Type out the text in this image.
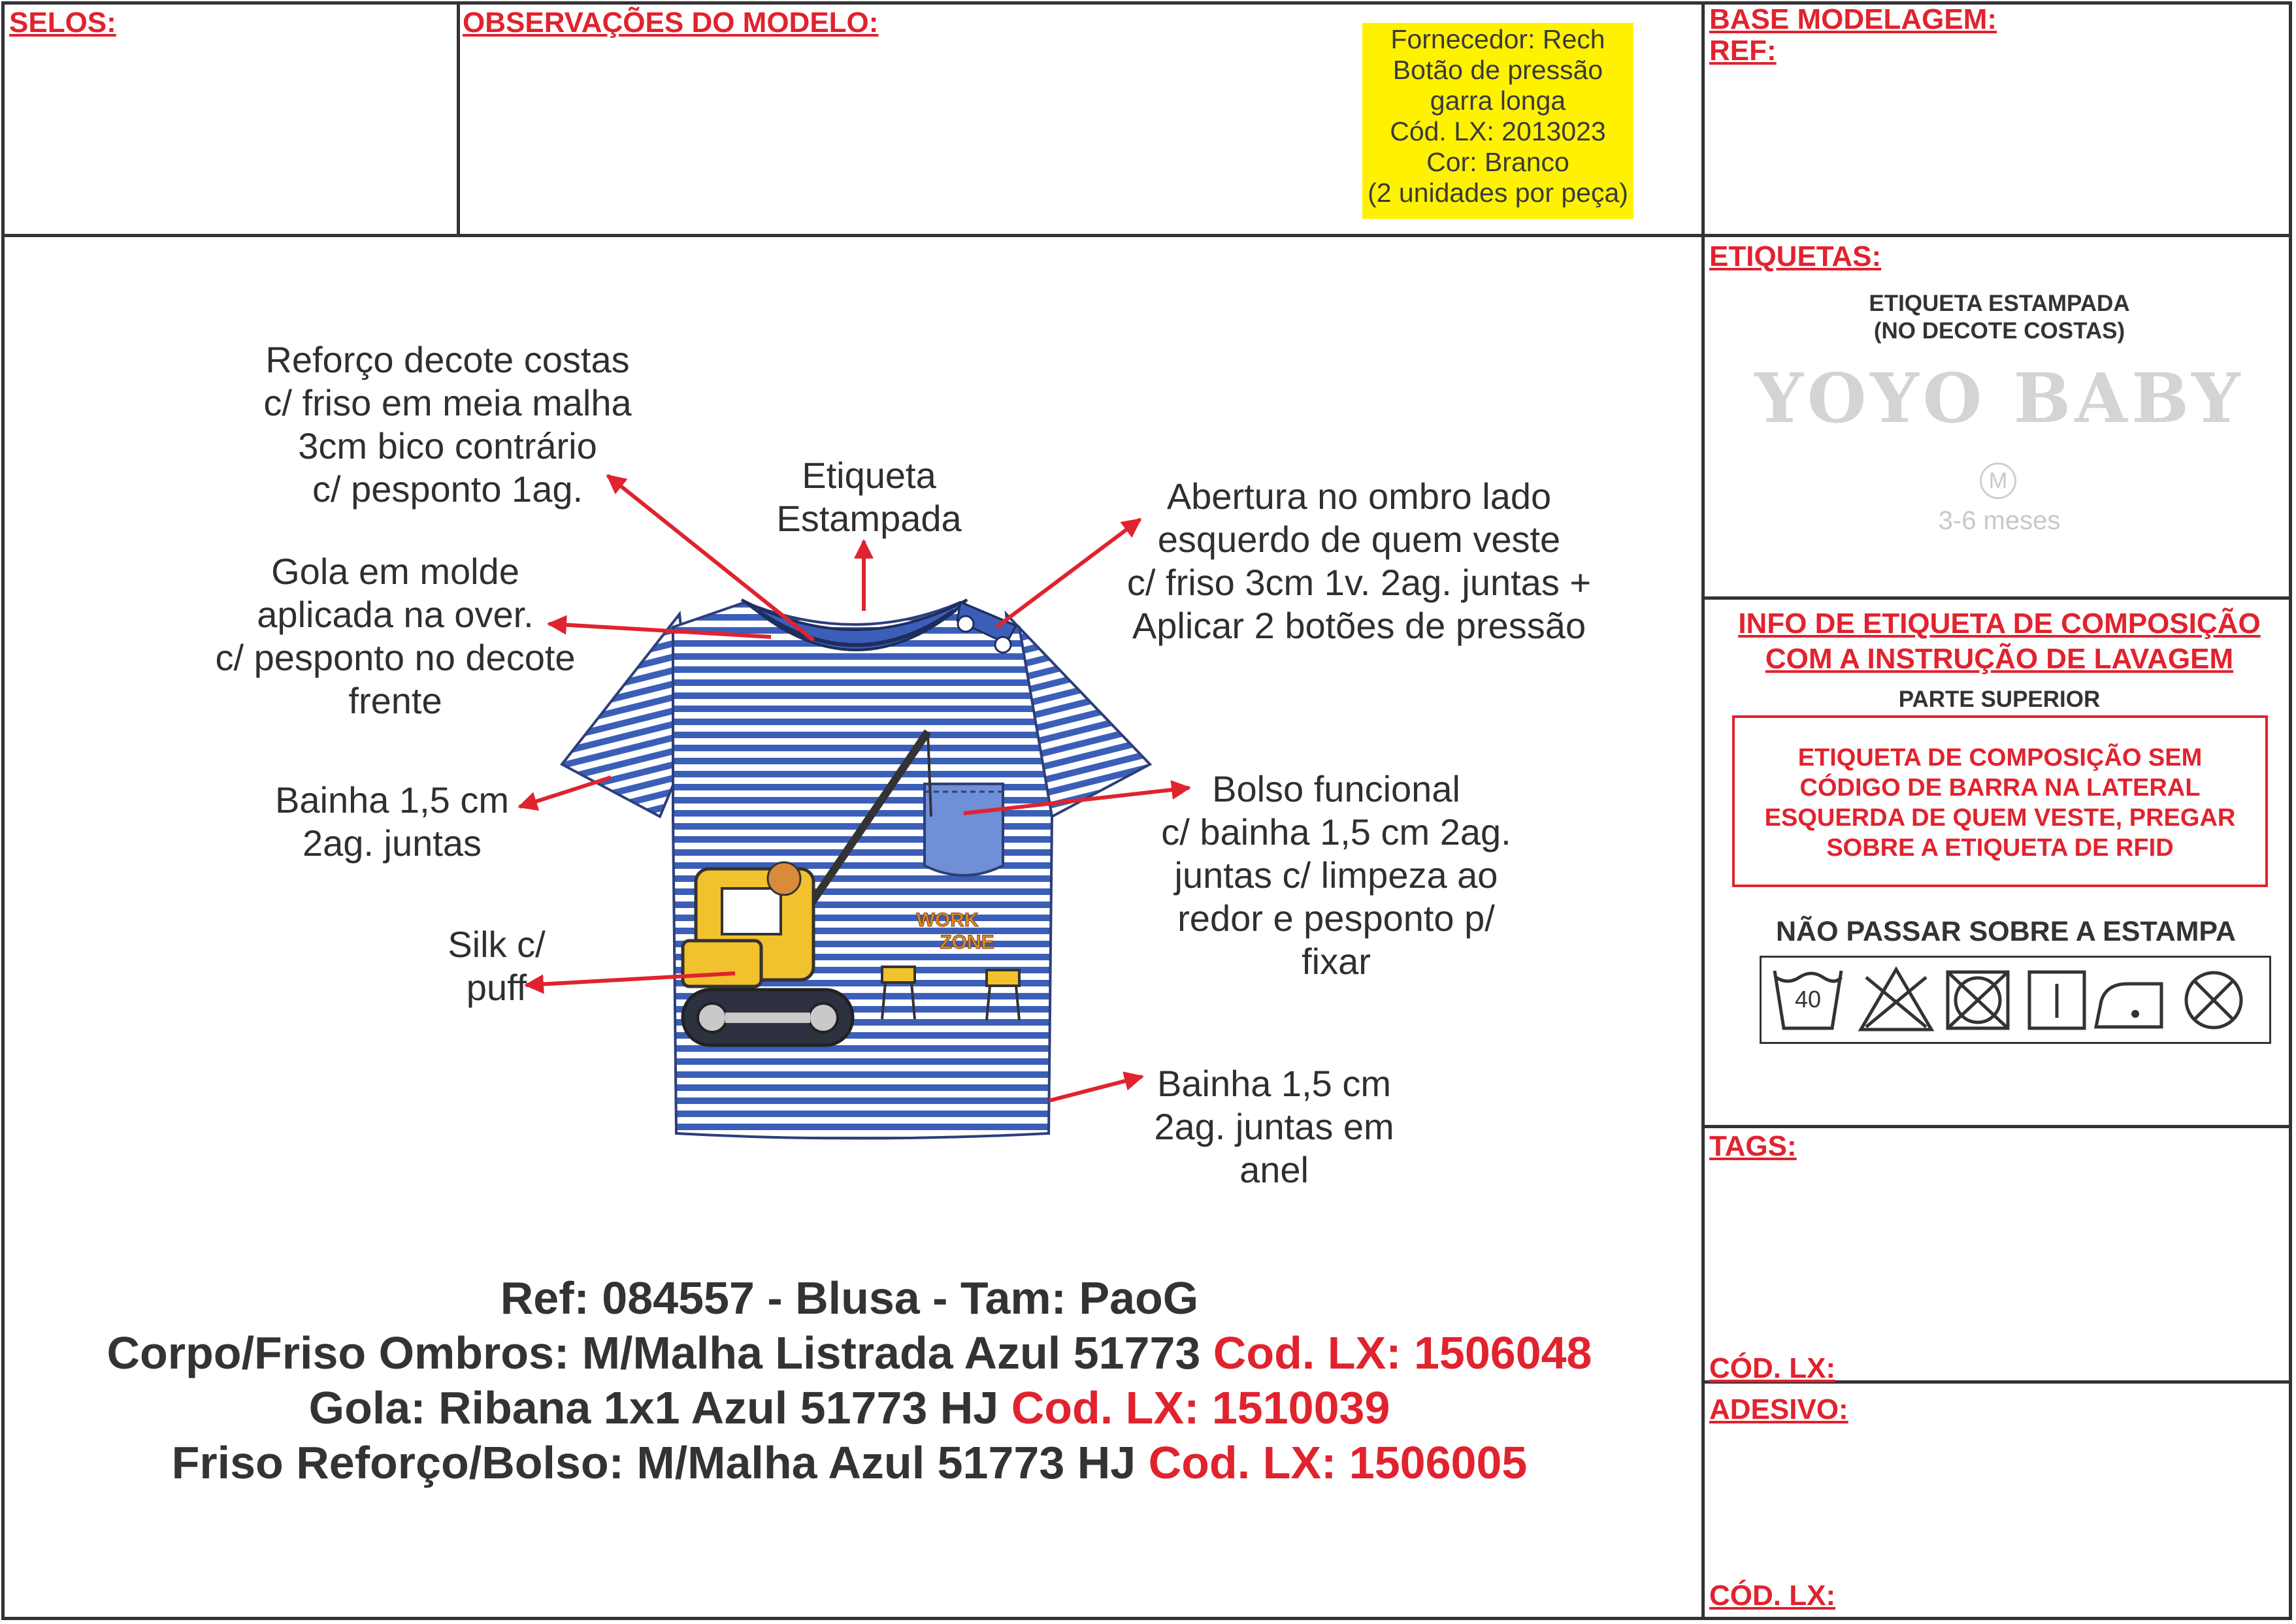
SELOS:	OBSERVAÇÕES DO MODELO:
Fornecedor: Rech
Botão de pressão
garra longa
Cód. LX: 2013023
Cor: Branco
(2 unidades por peça)
BASE MODELAGEM:
REF:
ETIQUETAS:
ETIQUETA ESTAMPADA
(NO DECOTE COSTAS)
YOYO BABY
M
3-6 meses
INFO DE ETIQUETA DE COMPOSIÇÃO
COM A INSTRUÇÃO DE LAVAGEM
PARTE SUPERIOR
ETIQUETA DE COMPOSIÇÃO SEM
CÓDIGO DE BARRA NA LATERAL
ESQUERDA DE QUEM VESTE, PREGAR
SOBRE A ETIQUETA DE RFID
NÃO PASSAR SOBRE A ESTAMPA
40
TAGS:
CÓD. LX:
ADESIVO:
CÓD. LX:
WORK
ZONE
Reforço decote costas
c/ friso em meia malha
3cm bico contrário
c/ pesponto 1ag.	Etiqueta
Estampada
Abertura no ombro lado
esquerdo de quem veste
c/ friso 3cm 1v. 2ag. juntas +
Aplicar 2 botões de pressão
Gola em molde
aplicada na over.
c/ pesponto no decote
frente
Bainha 1,5 cm
2ag. juntas
Bolso funcional
c/ bainha 1,5 cm 2ag.
juntas c/ limpeza ao
redor e pesponto p/
fixar
Silk c/
puff
Bainha 1,5 cm
2ag. juntas em
anel
Ref: 084557 - Blusa - Tam: PaoG
Corpo/Friso Ombros: M/Malha Listrada Azul 51773 Cod. LX: 1506048
Gola: Ribana 1x1 Azul 51773 HJ Cod. LX: 1510039
Friso Reforço/Bolso: M/Malha Azul 51773 HJ Cod. LX: 1506005
